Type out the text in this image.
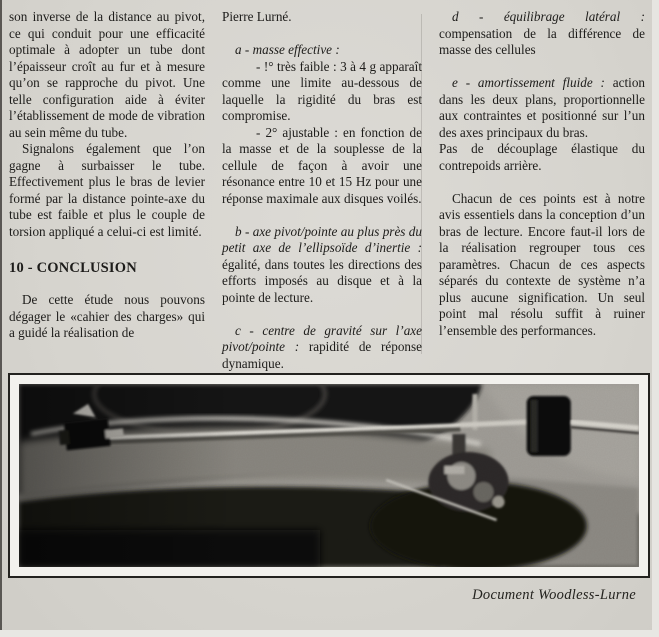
son inverse de la distance au pivot, ce qui conduit pour une efficacité optimale à adopter un tube dont l’épaisseur croît au fur et à mesure qu’on se rapproche du pivot. Une telle configuration aide à éviter l’établissement de mode de vibration au sein même du tube.

Signalons également que l’on gagne à surbaisser le tube. Effectivement plus le bras de levier formé par la distance pointe-axe du tube est faible et plus le couple de torsion appliqué a celui-ci est limité.

10 - CONCLUSION

De cette étude nous pouvons dégager le «cahier des charges» qui a guidé la réalisation de

Pierre Lurné.

a - masse effective :

- !° très faible : 3 à 4 g apparaît comme une limite au-dessous de laquelle la rigidité du bras est compromise.

- 2° ajustable : en fonction de la masse et de la souplesse de la cellule de façon à avoir une résonance entre 10 et 15 Hz pour une réponse maximale aux disques voilés.

b - axe pivot/pointe au plus près du petit axe de l’ellipsoïde d’inertie : égalité, dans toutes les directions des efforts imposés au disque et à la pointe de lecture.

c - centre de gravité sur l’axe pivot/pointe : rapidité de réponse dynamique.

d - équilibrage latéral : compensation de la différence de masse des cellules

e - amortissement fluide : action dans les deux plans, proportionnelle aux contraintes et positionné sur l’un des axes principaux du bras.

Pas de découplage élastique du contrepoids arrière.

Chacun de ces points est à notre avis essentiels dans la conception d’un bras de lecture. Encore faut-il lors de la réalisation regrouper tous ces paramètres. Chacun de ces aspects séparés du contexte de système n’a plus aucune signification. Un seul point mal résolu suffit à ruiner l’ensemble des performances.

Document Woodless-Lurne
